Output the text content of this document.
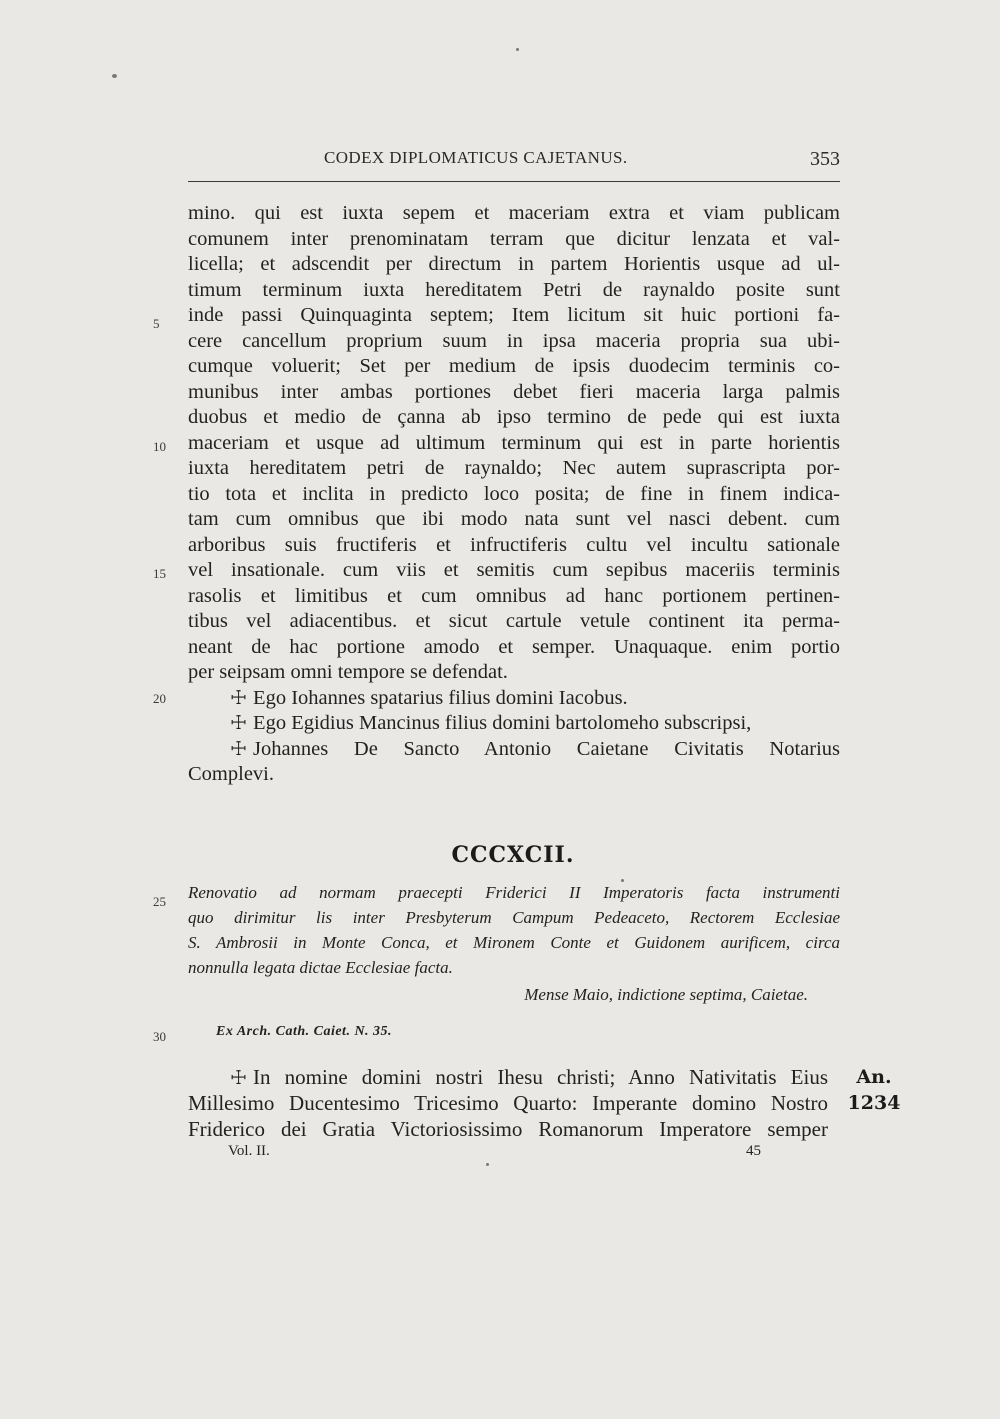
CODEX DIPLOMATICUS CAJETANUS.	353
mino. qui est iuxta sepem et maceriam extra et viam publicam
comunem inter prenominatam terram que dicitur lenzata et val-
licella; et adscendit per directum in partem Horientis usque ad ul-
timum terminum iuxta hereditatem Petri de raynaldo posite sunt
inde passi Quinquaginta septem; Item licitum sit huic portioni fa-
cere cancellum proprium suum in ipsa maceria propria sua ubi-
cumque voluerit; Set per medium de ipsis duodecim terminis co-
munibus inter ambas portiones debet fieri maceria larga palmis
duobus et medio de çanna ab ipso termino de pede qui est iuxta
maceriam et usque ad ultimum terminum qui est in parte horientis
iuxta hereditatem petri de raynaldo; Nec autem suprascripta por-
tio tota et inclita in predicto loco posita; de fine in finem indica-
tam cum omnibus que ibi modo nata sunt vel nasci debent. cum
arboribus suis fructiferis et infructiferis cultu vel incultu sationale
vel insationale. cum viis et semitis cum sepibus maceriis terminis
rasolis et limitibus et cum omnibus ad hanc portionem pertinen-
tibus vel adiacentibus. et sicut cartule vetule continent ita perma-
neant de hac portione amodo et semper. Unaquaque. enim portio
per seipsam omni tempore se defendat.
☩ Ego Iohannes spatarius filius domini Iacobus.
☩ Ego Egidius Mancinus filius domini bartolomeho subscripsi,
☩ Johannes De Sancto Antonio Caietane Civitatis Notarius
Complevi.
5
10
15
20
25
30
CCCXCII.
Renovatio ad normam praecepti Friderici II Imperatoris facta instrumenti
quo dirimitur lis inter Presbyterum Campum Pedeaceto, Rectorem Ecclesiae
S. Ambrosii in Monte Conca, et Mironem Conte et Guidonem aurificem, circa
nonnulla legata dictae Ecclesiae facta.
Mense Maio, indictione septima, Caietae.
Ex Arch. Cath. Caiet. N. 35.
☩ In nomine domini nostri Ihesu christi; Anno Nativitatis Eius
Millesimo Ducentesimo Tricesimo Quarto: Imperante domino Nostro
Friderico dei Gratia Victoriosissimo Romanorum Imperatore semper
An.
1234
Vol. II.	45
